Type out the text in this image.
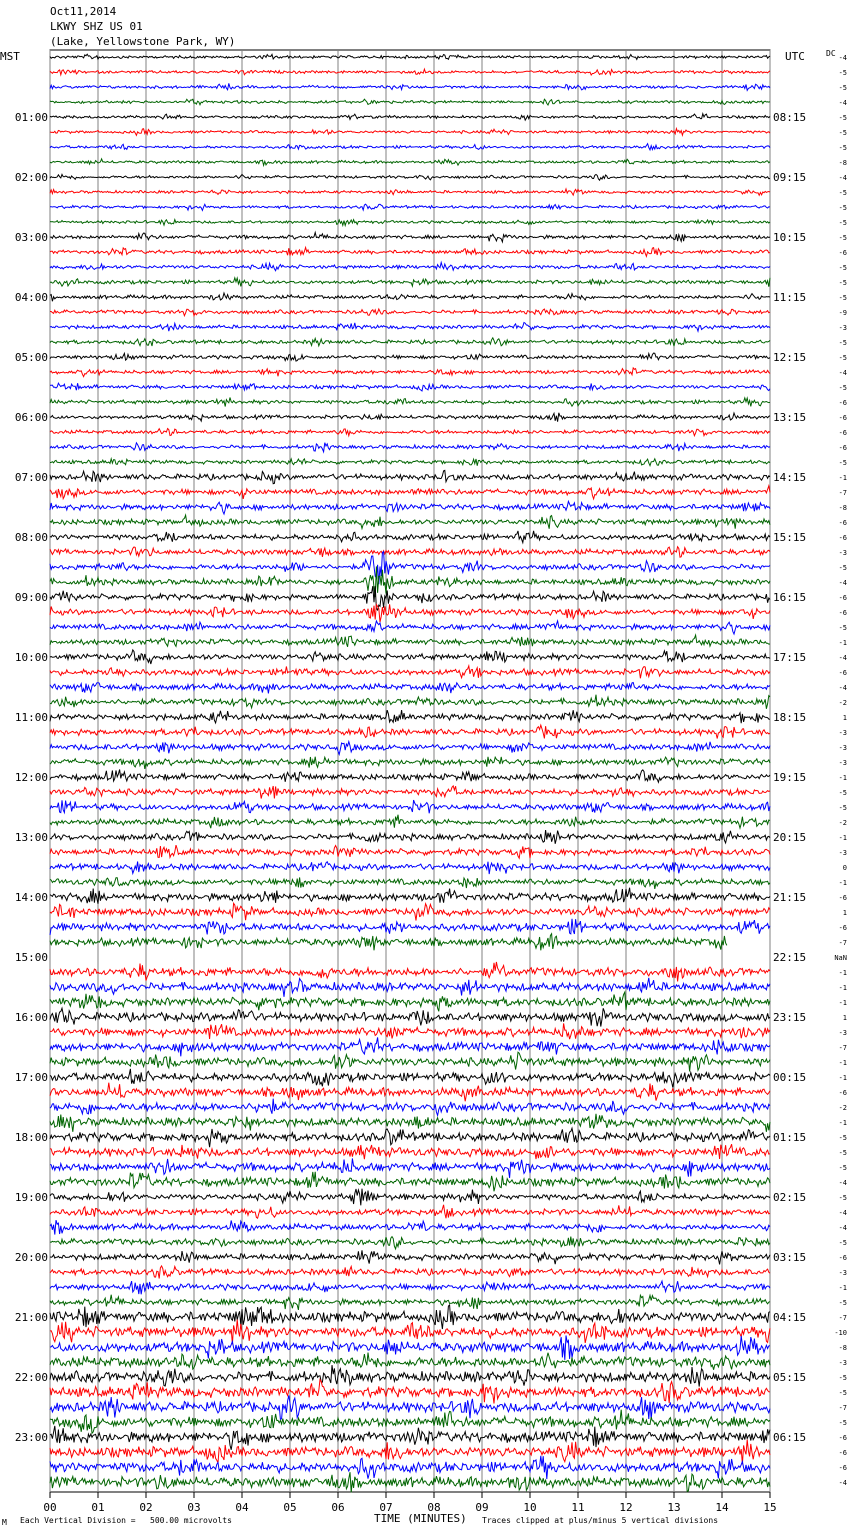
Oct11,2014
LKWY SHZ US 01
(Lake, Yellowstone Park, WY)
MST	UTC	DC
00	01	02	03	04	05	06	07	08	09	10	11	12	13	14	15
01:00
02:00
03:00
04:00
05:00
06:00
07:00
08:00
09:00
10:00
11:00
12:00
13:00
14:00
15:00
16:00
17:00
18:00
19:00
20:00
21:00
22:00
23:00
08:15
09:15
10:15
11:15
12:15
13:15
14:15
15:15
16:15
17:15
18:15
19:15
20:15
21:15
22:15
23:15
00:15
01:15
02:15
03:15
04:15
05:15
06:15
-4
-5
-5
-4
-5
-5
-5
-8
-4
-5
-5
-5
-5
-6
-5
-5
-5
-9
-3
-5
-5
-4
-5
-6
-6
-6
-6
-5
-1
-7
-8
-6
-6
-3
-5
-4
-6
-6
-5
-1
-4
-6
-4
-2
1
-3
-3
-3
-1
-5
-5
-2
-1
-3
0
-1
-6
1
-6
-7
NaN
-1
-1
-1
1
-3
-7
-1
-1
-6
-2
-1
-5
-5
-5
-4
-5
-4
-4
-5
-6
-3
-1
-5
-7
-10
-8
-3
-5
-5
-7
-5
-6
-6
-6
-4
M Each Vertical Division =   500.00 microvolts	TIME (MINUTES) Traces clipped at plus/minus 5 vertical divisions
